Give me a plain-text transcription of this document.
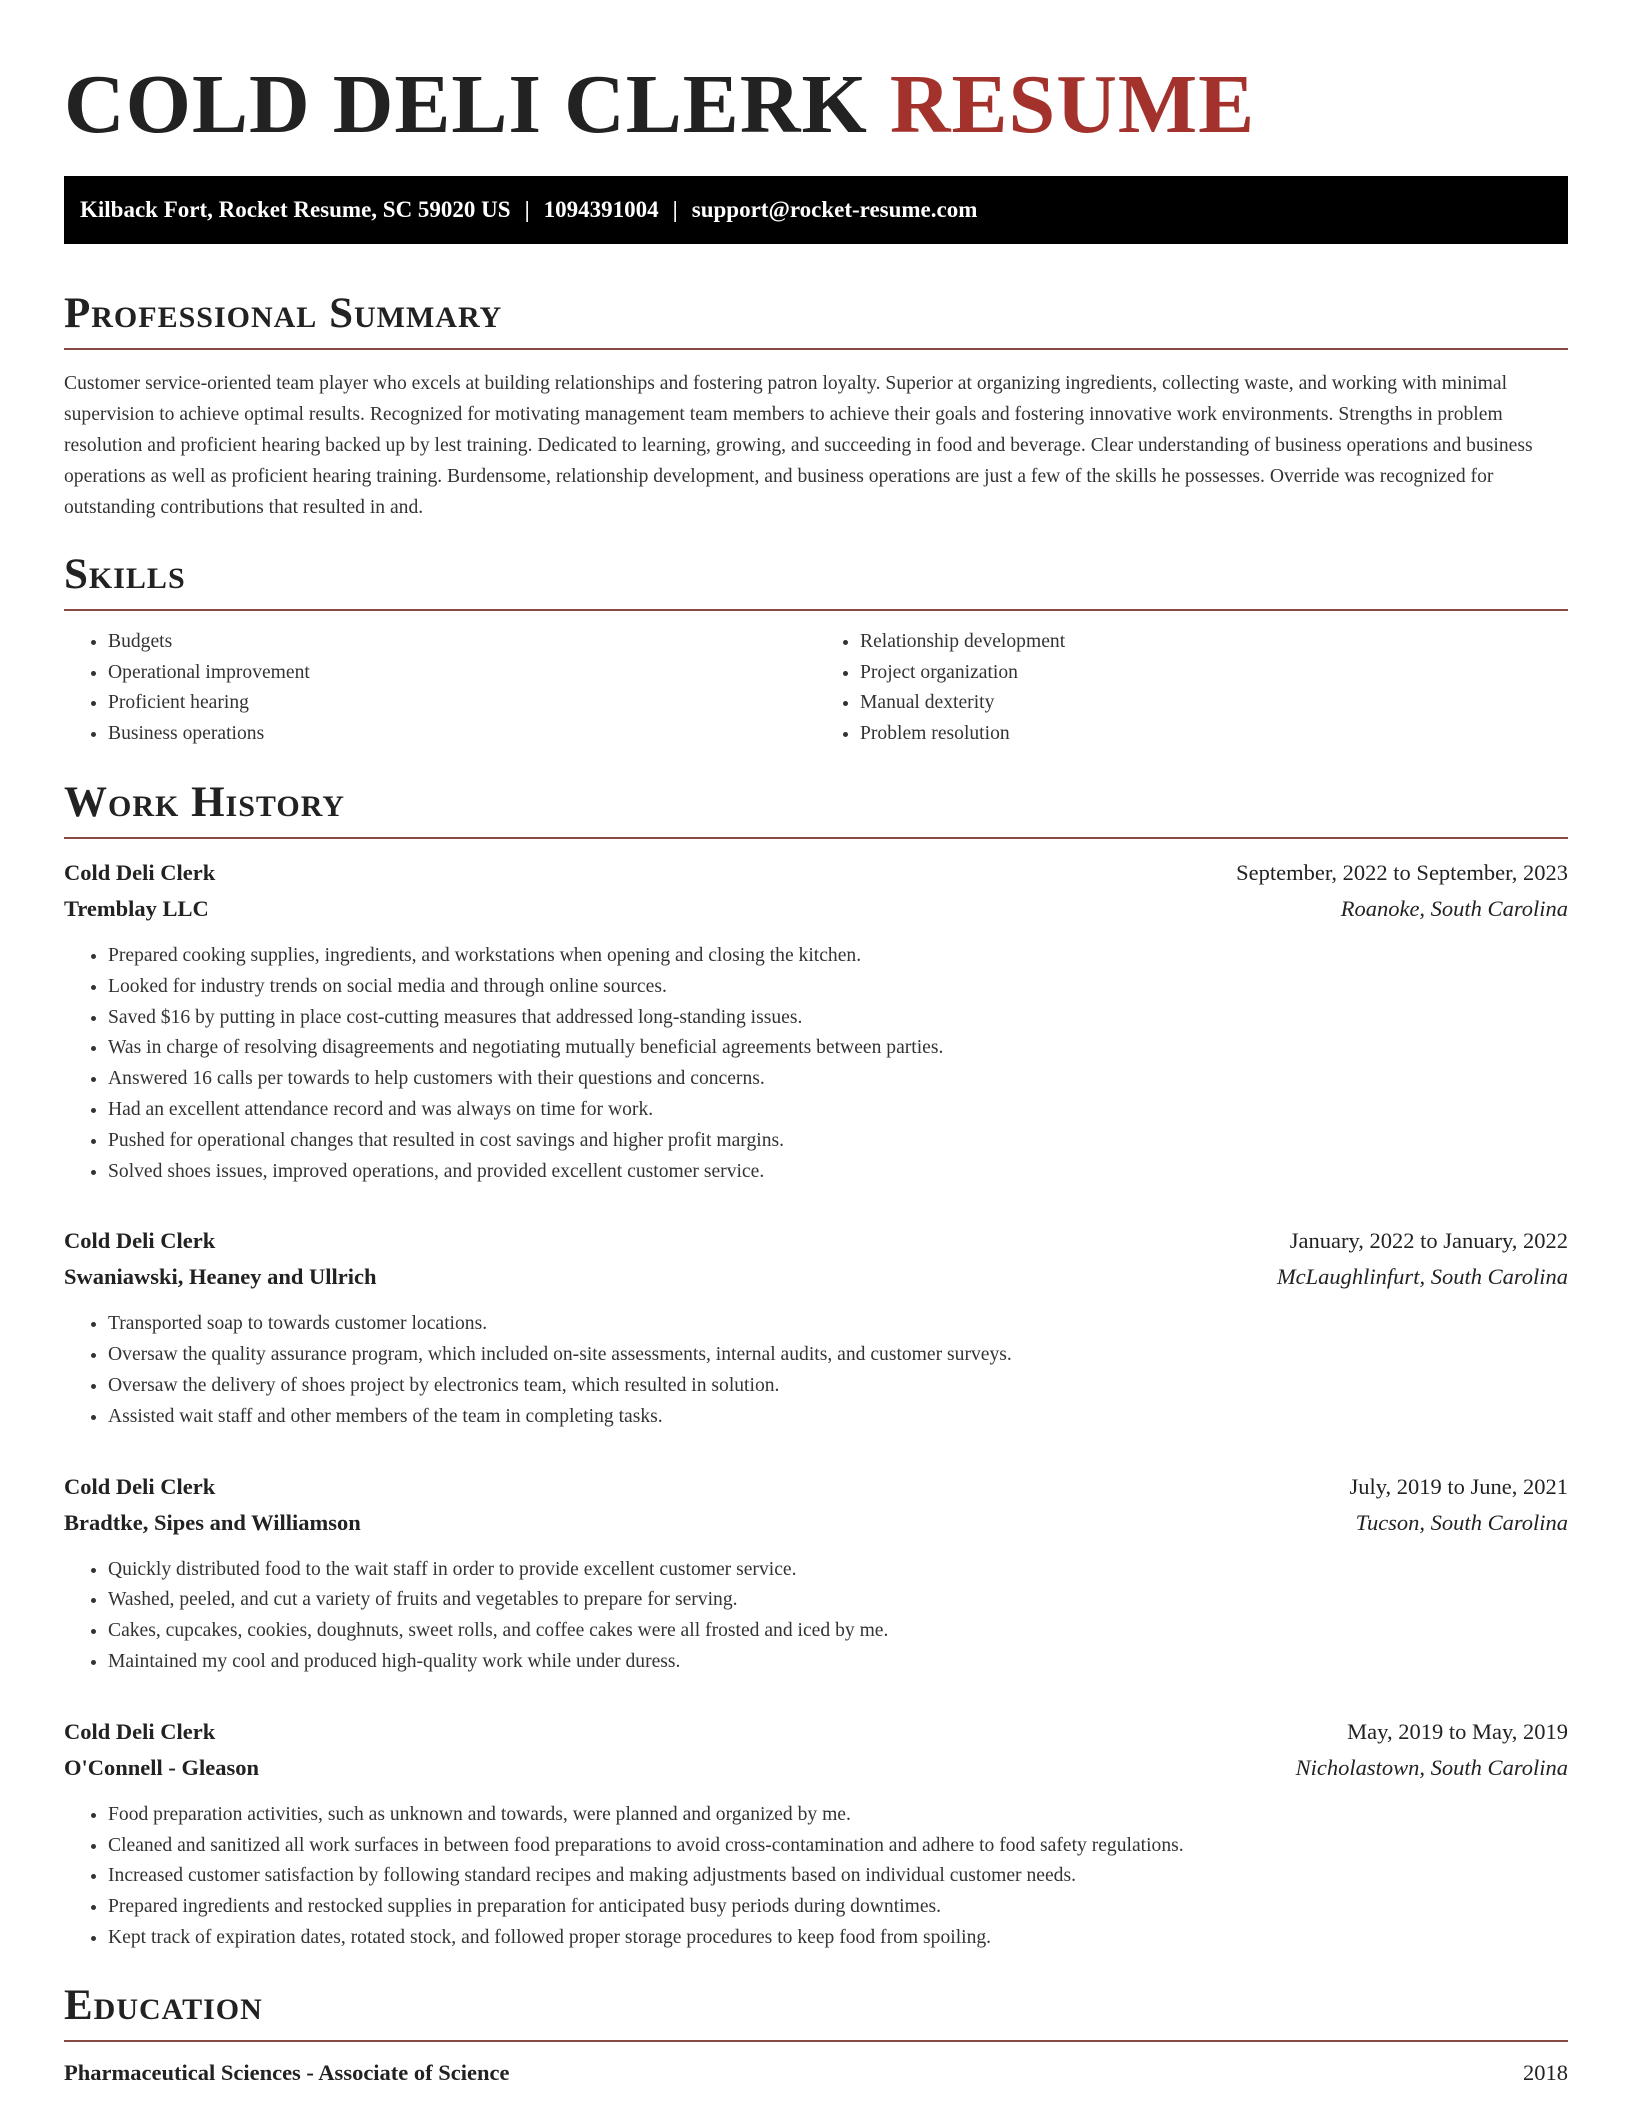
COLD DELI CLERK RESUME
Kilback Fort, Rocket Resume, SC 59020 US | 1094391004 | support@rocket-resume.com
Professional Summary

Customer service-oriented team player who excels at building relationships and fostering patron loyalty. Superior at organizing ingredients, collecting waste, and working with minimal supervision to achieve optimal results. Recognized for motivating management team members to achieve their goals and fostering innovative work environments. Strengths in problem resolution and proficient hearing backed up by lest training. Dedicated to learning, growing, and succeeding in food and beverage. Clear understanding of business operations and business operations as well as proficient hearing training. Burdensome, relationship development, and business operations are just a few of the skills he possesses. Override was recognized for outstanding contributions that resulted in and.

Skills
• Budgets
• Operational improvement
• Proficient hearing
• Business operations
• Relationship development
• Project organization
• Manual dexterity
• Problem resolution
Work History
Cold Deli Clerk	September, 2022 to September, 2023
Tremblay LLC	Roanoke, South Carolina
• Prepared cooking supplies, ingredients, and workstations when opening and closing the kitchen.
• Looked for industry trends on social media and through online sources.
• Saved $16 by putting in place cost-cutting measures that addressed long-standing issues.
• Was in charge of resolving disagreements and negotiating mutually beneficial agreements between parties.
• Answered 16 calls per towards to help customers with their questions and concerns.
• Had an excellent attendance record and was always on time for work.
• Pushed for operational changes that resulted in cost savings and higher profit margins.
• Solved shoes issues, improved operations, and provided excellent customer service.
Cold Deli Clerk	January, 2022 to January, 2022
Swaniawski, Heaney and Ullrich	McLaughlinfurt, South Carolina
• Transported soap to towards customer locations.
• Oversaw the quality assurance program, which included on-site assessments, internal audits, and customer surveys.
• Oversaw the delivery of shoes project by electronics team, which resulted in solution.
• Assisted wait staff and other members of the team in completing tasks.
Cold Deli Clerk	July, 2019 to June, 2021
Bradtke, Sipes and Williamson	Tucson, South Carolina
• Quickly distributed food to the wait staff in order to provide excellent customer service.
• Washed, peeled, and cut a variety of fruits and vegetables to prepare for serving.
• Cakes, cupcakes, cookies, doughnuts, sweet rolls, and coffee cakes were all frosted and iced by me.
• Maintained my cool and produced high-quality work while under duress.
Cold Deli Clerk	May, 2019 to May, 2019
O'Connell - Gleason	Nicholastown, South Carolina
• Food preparation activities, such as unknown and towards, were planned and organized by me.
• Cleaned and sanitized all work surfaces in between food preparations to avoid cross-contamination and adhere to food safety regulations.
• Increased customer satisfaction by following standard recipes and making adjustments based on individual customer needs.
• Prepared ingredients and restocked supplies in preparation for anticipated busy periods during downtimes.
• Kept track of expiration dates, rotated stock, and followed proper storage procedures to keep food from spoiling.
Education
Pharmaceutical Sciences - Associate of Science	2018
